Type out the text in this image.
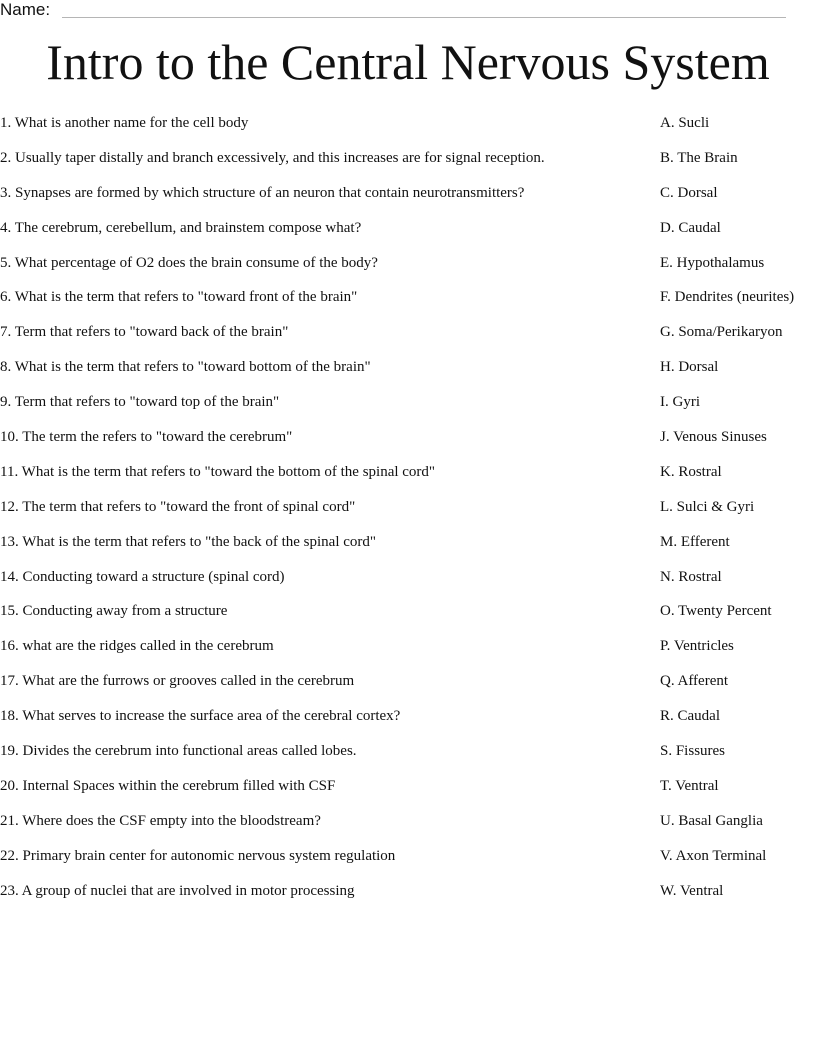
Name:
Intro to the Central Nervous System
1. What is another name for the cell body	A. Sucli
2. Usually taper distally and branch excessively, and this increases are for signal reception.	B. The Brain
3. Synapses are formed by which structure of an neuron that contain neurotransmitters?	C. Dorsal
4. The cerebrum, cerebellum, and brainstem compose what?	D. Caudal
5. What percentage of O2 does the brain consume of the body?	E. Hypothalamus
6. What is the term that refers to "toward front of the brain"	F. Dendrites (neurites)
7. Term that refers to "toward back of the brain"	G. Soma/Perikaryon
8. What is the term that refers to "toward bottom of the brain"	H. Dorsal
9. Term that refers to "toward top of the brain"	I. Gyri
10. The term the refers to "toward the cerebrum"	J. Venous Sinuses
11. What is the term that refers to "toward the bottom of the spinal cord"	K. Rostral
12. The term that refers to "toward the front of spinal cord"	L. Sulci & Gyri
13. What is the term that refers to "the back of the spinal cord"	M. Efferent
14. Conducting toward a structure (spinal cord)	N. Rostral
15. Conducting away from a structure	O. Twenty Percent
16. what are the ridges called in the cerebrum	P. Ventricles
17. What are the furrows or grooves called in the cerebrum	Q. Afferent
18. What serves to increase the surface area of the cerebral cortex?	R. Caudal
19. Divides the cerebrum into functional areas called lobes.	S. Fissures
20. Internal Spaces within the cerebrum filled with CSF	T. Ventral
21. Where does the CSF empty into the bloodstream?	U. Basal Ganglia
22. Primary brain center for autonomic nervous system regulation	V. Axon Terminal
23. A group of nuclei that are involved in motor processing	W. Ventral
